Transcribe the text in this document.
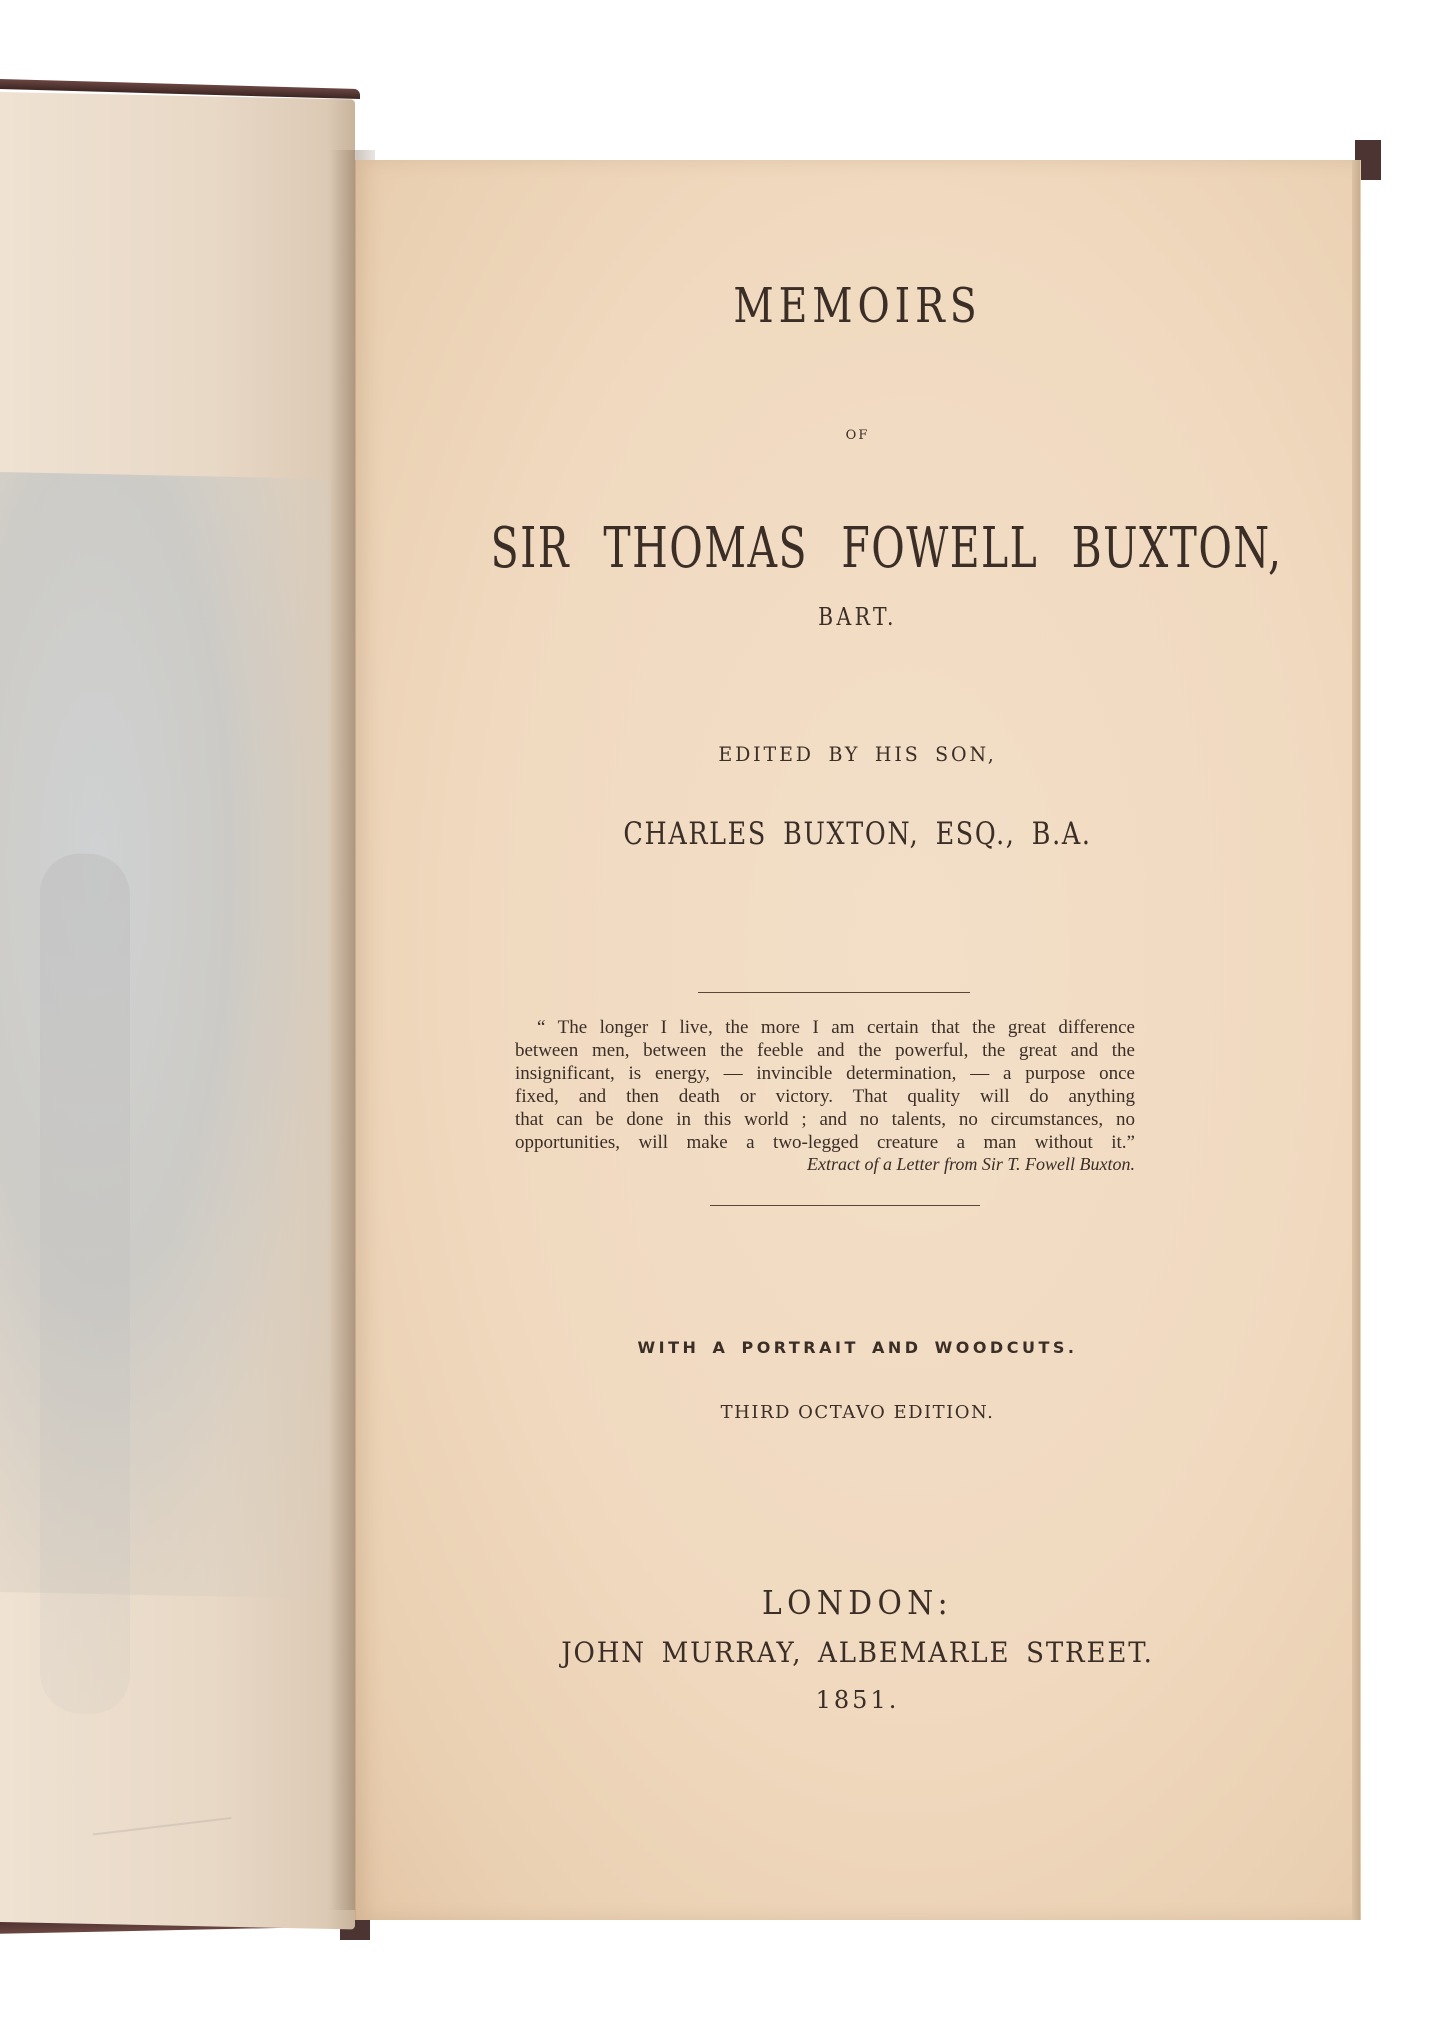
MEMOIRS
OF
SIR THOMAS FOWELL BUXTON,
BART.
EDITED BY HIS SON,
CHARLES BUXTON, ESQ., B.A.
“ The longer I live, the more I am certain that the great difference
between men, between the feeble and the powerful, the great and the
insignificant, is energy, — invincible determination, — a purpose once
fixed, and then death or victory. That quality will do anything
that can be done in this world ; and no talents, no circumstances, no
opportunities, will make a two-legged creature a man without it.”
Extract of a Letter from Sir T. Fowell Buxton.
WITH A PORTRAIT AND WOODCUTS.
THIRD OCTAVO EDITION.
LONDON:
JOHN MURRAY, ALBEMARLE STREET.
1851.
